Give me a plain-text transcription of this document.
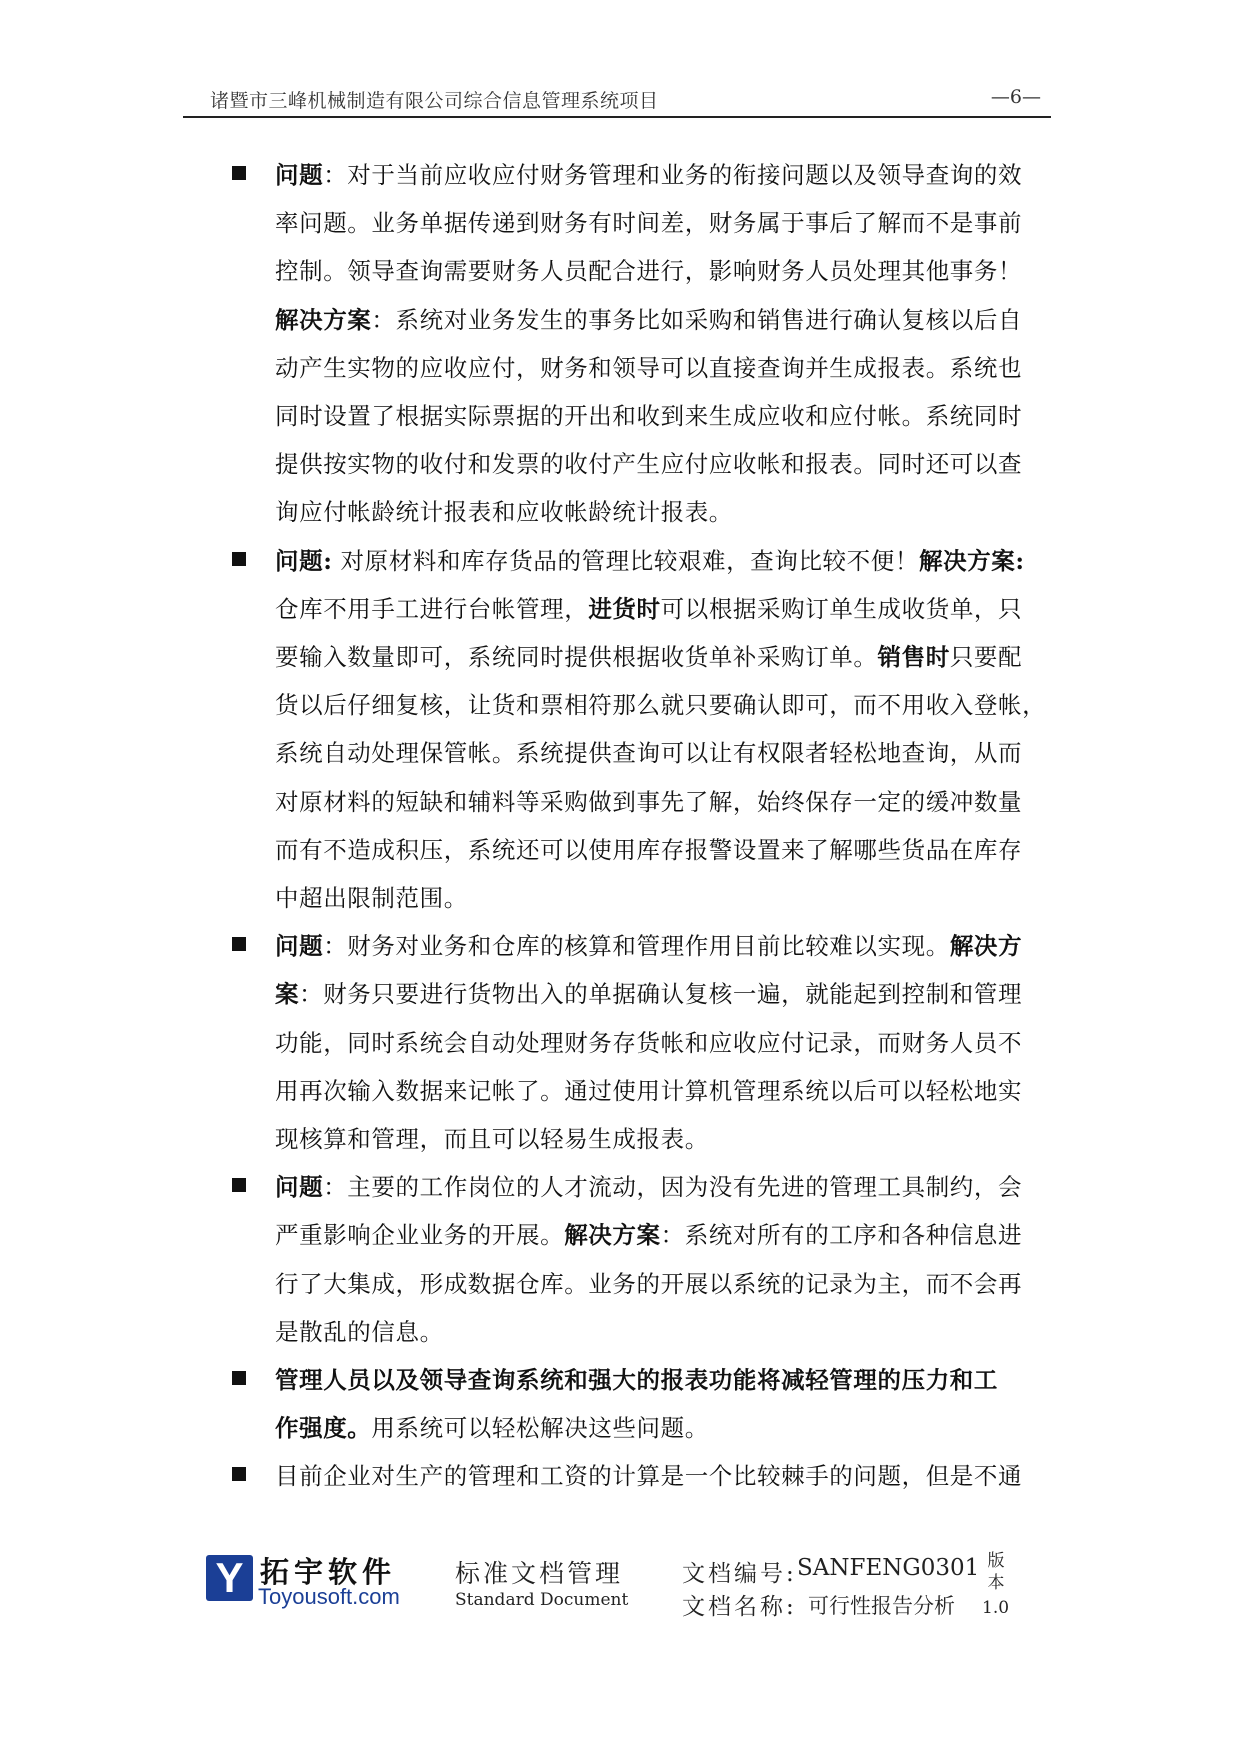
诸暨市三峰机械制造有限公司综合信息管理系统项目	—6—
问题：对于当前应收应付财务管理和业务的衔接问题以及领导查询的效
率问题。业务单据传递到财务有时间差，财务属于事后了解而不是事前
控制。领导查询需要财务人员配合进行，影响财务人员处理其他事务！
解决方案：系统对业务发生的事务比如采购和销售进行确认复核以后自
动产生实物的应收应付，财务和领导可以直接查询并生成报表。系统也
同时设置了根据实际票据的开出和收到来生成应收和应付帐。系统同时
提供按实物的收付和发票的收付产生应付应收帐和报表。同时还可以查
询应付帐龄统计报表和应收帐龄统计报表。
问题: 对原材料和库存货品的管理比较艰难，查询比较不便！解决方案:
仓库不用手工进行台帐管理，进货时可以根据采购订单生成收货单，只
要输入数量即可，系统同时提供根据收货单补采购订单。销售时只要配
货以后仔细复核，让货和票相符那么就只要确认即可，而不用收入登帐，
系统自动处理保管帐。系统提供查询可以让有权限者轻松地查询，从而
对原材料的短缺和辅料等采购做到事先了解，始终保存一定的缓冲数量
而有不造成积压，系统还可以使用库存报警设置来了解哪些货品在库存
中超出限制范围。
问题：财务对业务和仓库的核算和管理作用目前比较难以实现。解决方
案：财务只要进行货物出入的单据确认复核一遍，就能起到控制和管理
功能，同时系统会自动处理财务存货帐和应收应付记录，而财务人员不
用再次输入数据来记帐了。通过使用计算机管理系统以后可以轻松地实
现核算和管理，而且可以轻易生成报表。
问题：主要的工作岗位的人才流动，因为没有先进的管理工具制约，会
严重影响企业业务的开展。解决方案：系统对所有的工序和各种信息进
行了大集成，形成数据仓库。业务的开展以系统的记录为主，而不会再
是散乱的信息。
管理人员以及领导查询系统和强大的报表功能将减轻管理的压力和工
作强度。用系统可以轻松解决这些问题。
目前企业对生产的管理和工资的计算是一个比较棘手的问题，但是不通
Y 拓宇软件
Toyousoft.com
标准文档管理
Standard Document
文档编号: SANFENG0301
文档名称: 可行性报告分析
版本
1.0
